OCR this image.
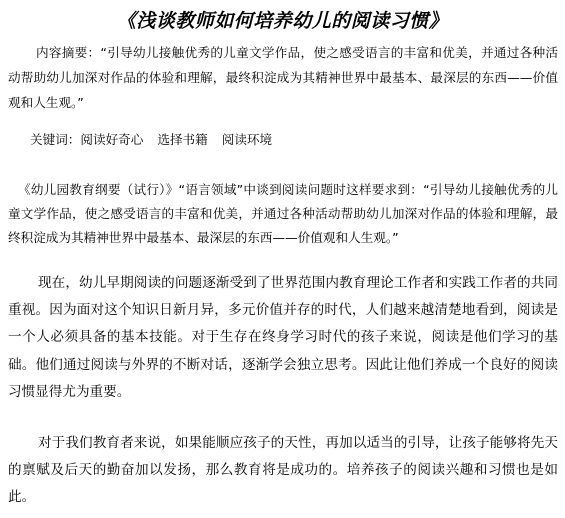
《浅谈教师如何培养幼儿的阅读习惯》

内容摘要：“引导幼儿接触优秀的儿童文学作品，使之感受语言的丰富和优美，并通过各种活动帮助幼儿加深对作品的体验和理解，最终积淀成为其精神世界中最基本、最深层的东西——价值观和人生观。”

关键词：阅读好奇心 选择书籍 阅读环境

《幼儿园教育纲要（试行）》“语言领域”中谈到阅读问题时这样要求到：“引导幼儿接触优秀的儿童文学作品，使之感受语言的丰富和优美，并通过各种活动帮助幼儿加深对作品的体验和理解，最终积淀成为其精神世界中最基本、最深层的东西——价值观和人生观。”

现在，幼儿早期阅读的问题逐渐受到了世界范围内教育理论工作者和实践工作者的共同重视。因为面对这个知识日新月异，多元价值并存的时代，人们越来越清楚地看到，阅读是一个人必须具备的基本技能。对于生存在终身学习时代的孩子来说，阅读是他们学习的基础。他们通过阅读与外界的不断对话，逐渐学会独立思考。因此让他们养成一个良好的阅读习惯显得尤为重要。

对于我们教育者来说，如果能顺应孩子的天性，再加以适当的引导，让孩子能够将先天的禀赋及后天的勤奋加以发扬，那么教育将是成功的。培养孩子的阅读兴趣和习惯也是如此。
